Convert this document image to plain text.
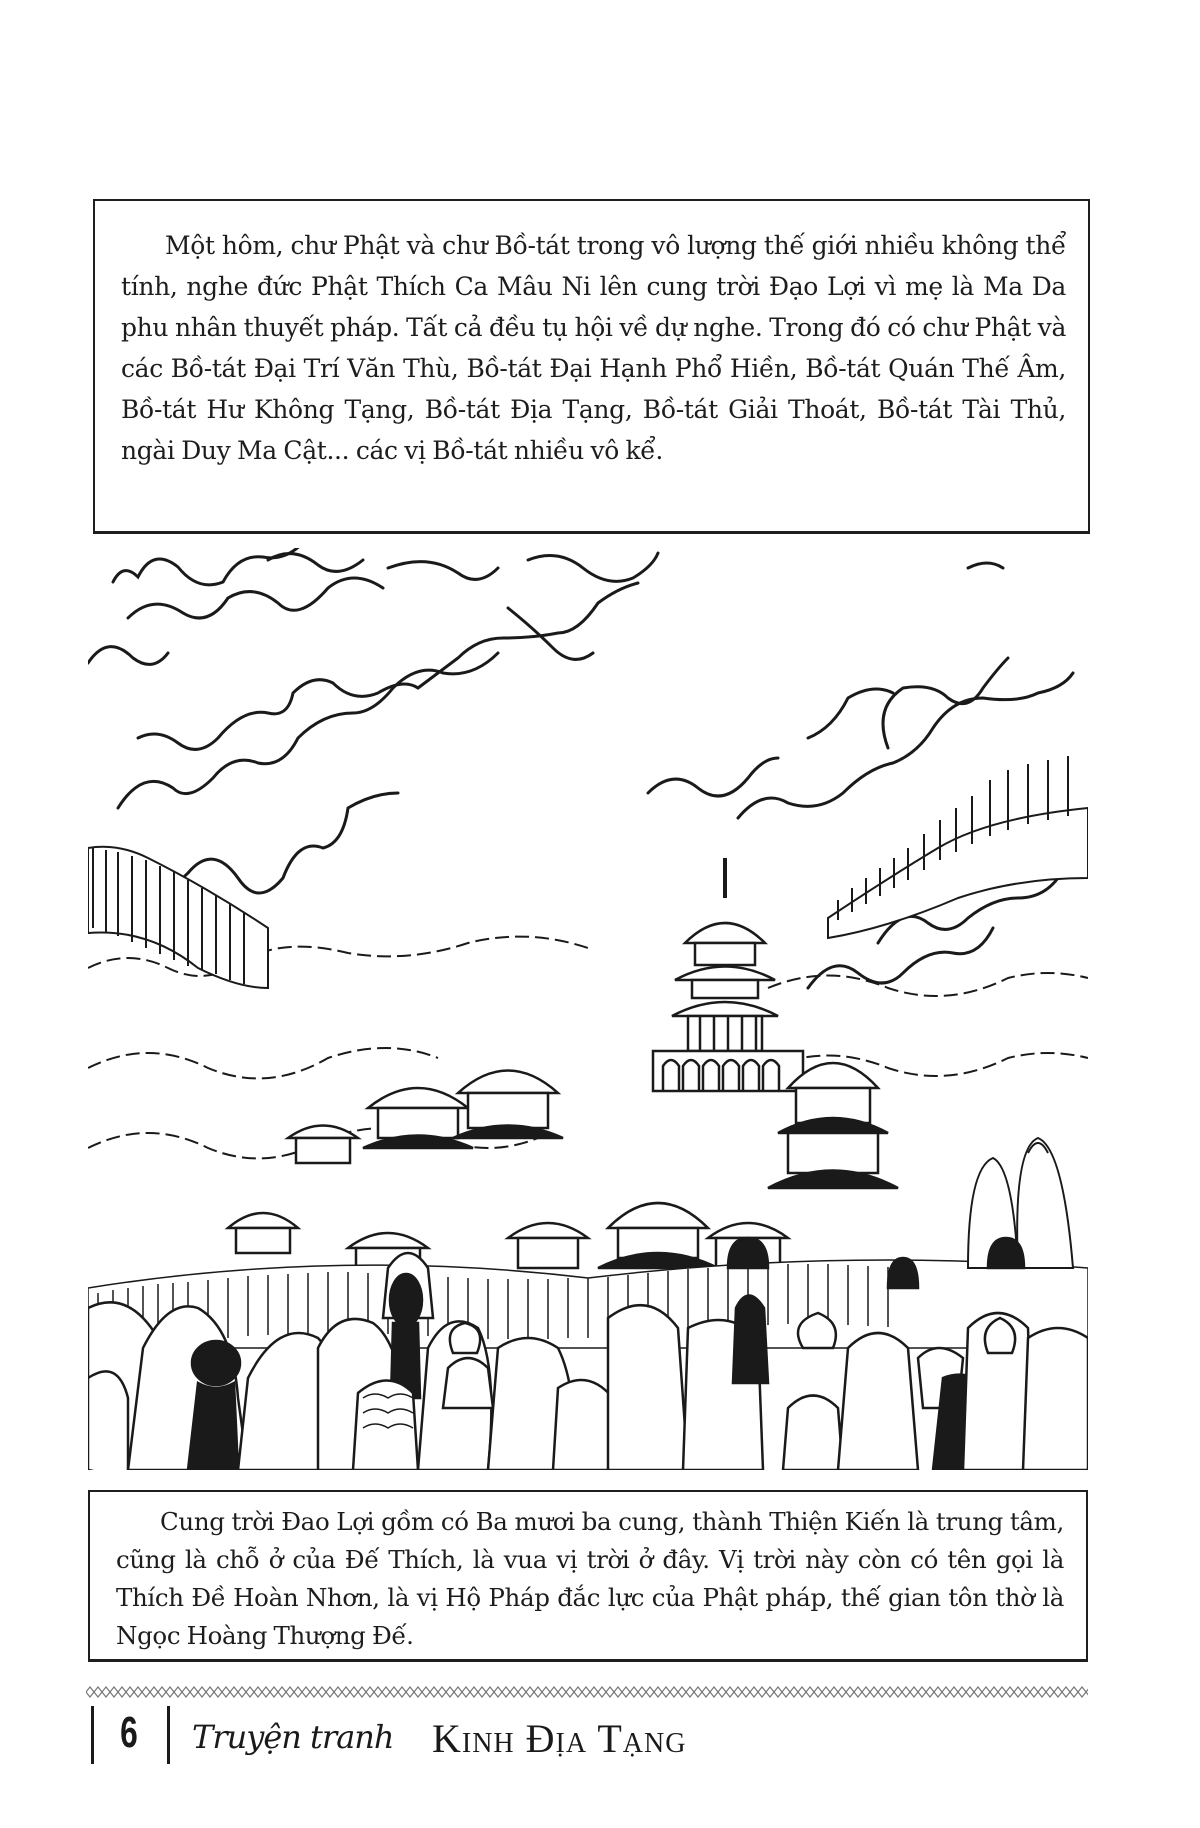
Một hôm, chư Phật và chư Bồ-tát trong vô lượng thế giới nhiều không thể tính, nghe đức Phật Thích Ca Mâu Ni lên cung trời Đạo Lợi vì mẹ là Ma Da phu nhân thuyết pháp. Tất cả đều tụ hội về dự nghe. Trong đó có chư Phật và các Bồ-tát Đại Trí Văn Thù, Bồ-tát Đại Hạnh Phổ Hiền, Bồ-tát Quán Thế Âm, Bồ-tát Hư Không Tạng, Bồ-tát Địa Tạng, Bồ-tát Giải Thoát, Bồ-tát Tài Thủ, ngài Duy Ma Cật... các vị Bồ-tát nhiều vô kể.

Cung trời Đao Lợi gồm có Ba mươi ba cung, thành Thiện Kiến là trung tâm, cũng là chỗ ở của Đế Thích, là vua vị trời ở đây. Vị trời này còn có tên gọi là Thích Đề Hoàn Nhơn, là vị Hộ Pháp đắc lực của Phật pháp, thế gian tôn thờ là Ngọc Hoàng Thượng Đế.

6 Truyện tranh Kinh Địa Tạng
